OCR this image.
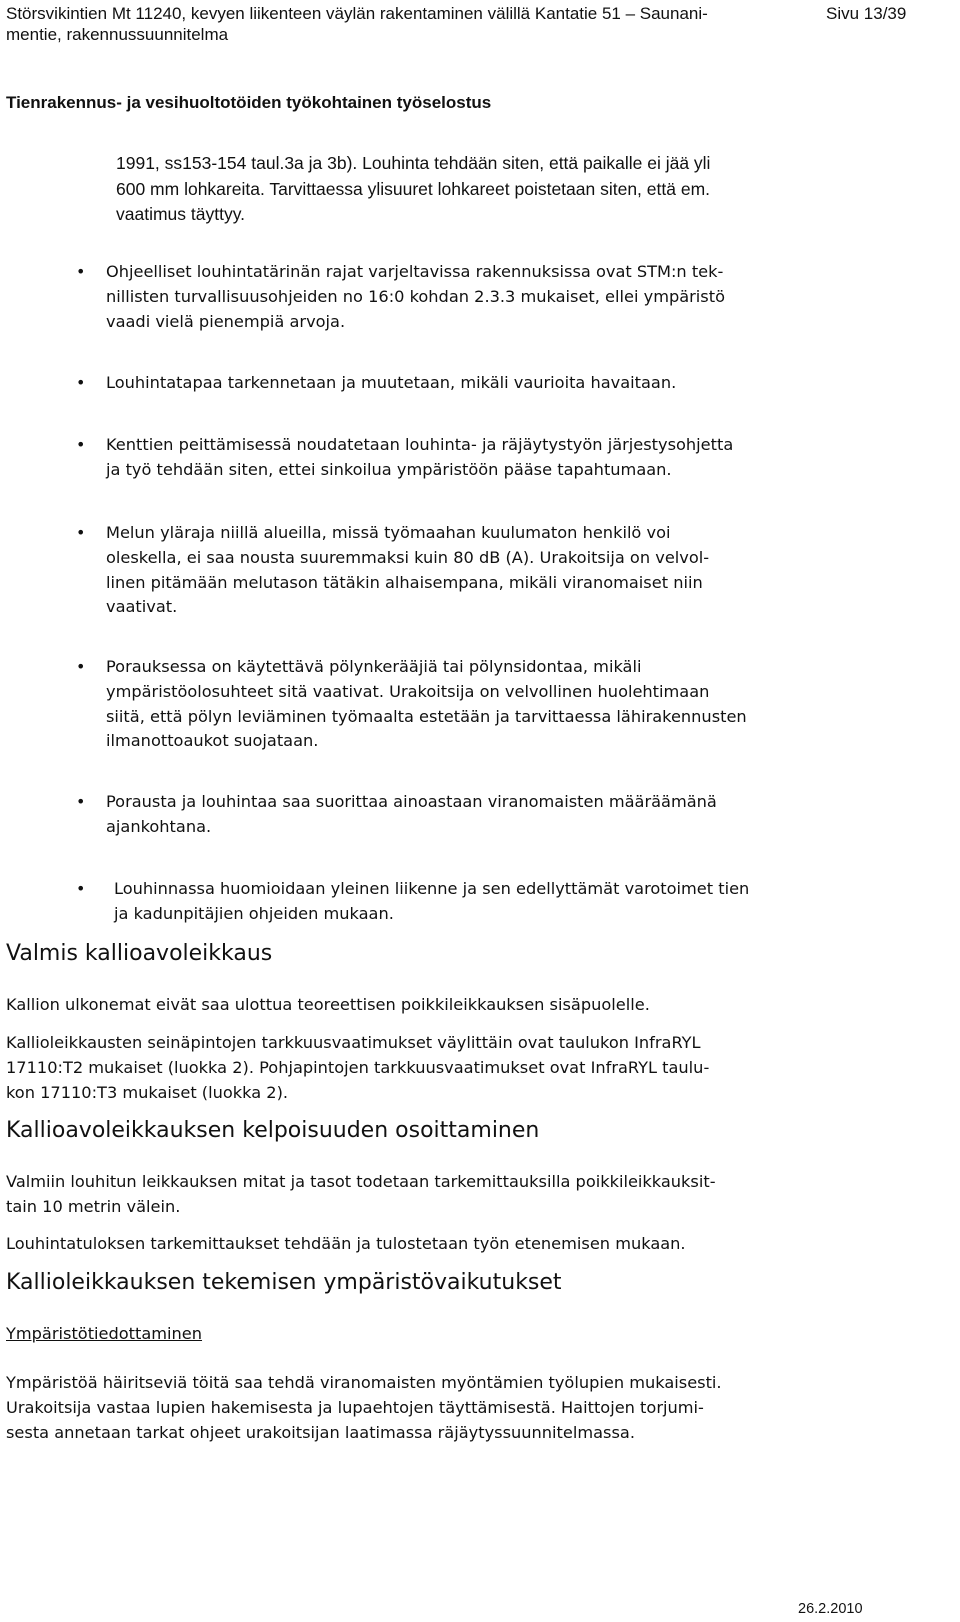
Störsvikintien Mt 11240, kevyen liikenteen väylän rakentaminen välillä Kantatie 51 – Saunani-
mentie, rakennussuunnitelma
Sivu 13/39
Tienrakennus- ja vesihuoltotöiden työkohtainen työselostus
1991, ss153-154 taul.3a ja 3b). Louhinta tehdään siten, että paikalle ei jää yli
600 mm lohkareita. Tarvittaessa ylisuuret lohkareet poistetaan siten, että em.
vaatimus täyttyy.
• Ohjeelliset louhintatärinän rajat varjeltavissa rakennuksissa ovat STM:n tek-
nillisten turvallisuusohjeiden no 16:0 kohdan 2.3.3 mukaiset, ellei ympäristö
vaadi vielä pienempiä arvoja.
• Louhintatapaa tarkennetaan ja muutetaan, mikäli vaurioita havaitaan.
• Kenttien peittämisessä noudatetaan louhinta- ja räjäytystyön järjestysohjetta
ja työ tehdään siten, ettei sinkoilua ympäristöön pääse tapahtumaan.
• Melun yläraja niillä alueilla, missä työmaahan kuulumaton henkilö voi
oleskella, ei saa nousta suuremmaksi kuin 80 dB (A). Urakoitsija on velvol-
linen pitämään melutason tätäkin alhaisempana, mikäli viranomaiset niin
vaativat.
• Porauksessa on käytettävä pölynkerääjiä tai pölynsidontaa, mikäli
ympäristöolosuhteet sitä vaativat. Urakoitsija on velvollinen huolehtimaan
siitä, että pölyn leviäminen työmaalta estetään ja tarvittaessa lähirakennusten
ilmanottoaukot suojataan.
• Porausta ja louhintaa saa suorittaa ainoastaan viranomaisten määräämänä
ajankohtana.
• Louhinnassa huomioidaan yleinen liikenne ja sen edellyttämät varotoimet tien
ja kadunpitäjien ohjeiden mukaan.
Valmis kallioavoleikkaus
Kallion ulkonemat eivät saa ulottua teoreettisen poikkileikkauksen sisäpuolelle.
Kallioleikkausten seinäpintojen tarkkuusvaatimukset väylittäin ovat taulukon InfraRYL
17110:T2 mukaiset (luokka 2). Pohjapintojen tarkkuusvaatimukset ovat InfraRYL taulu-
kon 17110:T3 mukaiset (luokka 2).
Kallioavoleikkauksen kelpoisuuden osoittaminen
Valmiin louhitun leikkauksen mitat ja tasot todetaan tarkemittauksilla poikkileikkauksit-
tain 10 metrin välein.
Louhintatuloksen tarkemittaukset tehdään ja tulostetaan työn etenemisen mukaan.
Kallioleikkauksen tekemisen ympäristövaikutukset
Ympäristötiedottaminen
Ympäristöä häiritseviä töitä saa tehdä viranomaisten myöntämien työlupien mukaisesti.
Urakoitsija vastaa lupien hakemisesta ja lupaehtojen täyttämisestä. Haittojen torjumi-
sesta annetaan tarkat ohjeet urakoitsijan laatimassa räjäytyssuunnitelmassa.
26.2.2010
